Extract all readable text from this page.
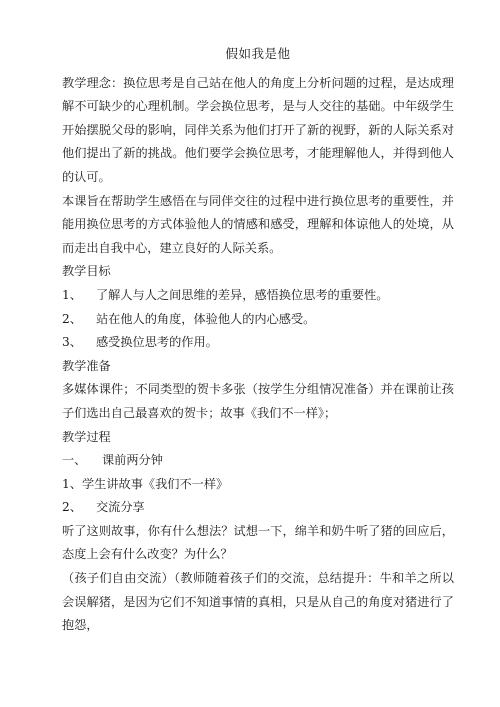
假如我是他

教学理念：换位思考是自己站在他人的角度上分析问题的过程，是达成理解不可缺少的心理机制。学会换位思考，是与人交往的基础。中年级学生开始摆脱父母的影响，同伴关系为他们打开了新的视野，新的人际关系对他们提出了新的挑战。他们要学会换位思考，才能理解他人，并得到他人的认可。

本课旨在帮助学生感悟在与同伴交往的过程中进行换位思考的重要性，并能用换位思考的方式体验他人的情感和感受，理解和体谅他人的处境，从而走出自我中心，建立良好的人际关系。

教学目标
1、	了解人与人之间思维的差异，感悟换位思考的重要性。
2、	站在他人的角度，体验他人的内心感受。
3、	感受换位思考的作用。
教学准备

多媒体课件；不同类型的贺卡多张（按学生分组情况准备）并在课前让孩子们选出自己最喜欢的贺卡；故事《我们不一样》；

教学过程
一、	课前两分钟
1、学生讲故事《我们不一样》
2、	交流分享

听了这则故事，你有什么想法？试想一下，绵羊和奶牛听了猪的回应后，态度上会有什么改变？为什么？

（孩子们自由交流）（教师随着孩子们的交流，总结提升：牛和羊之所以会误解猪，是因为它们不知道事情的真相，只是从自己的角度对猪进行了抱怨，
